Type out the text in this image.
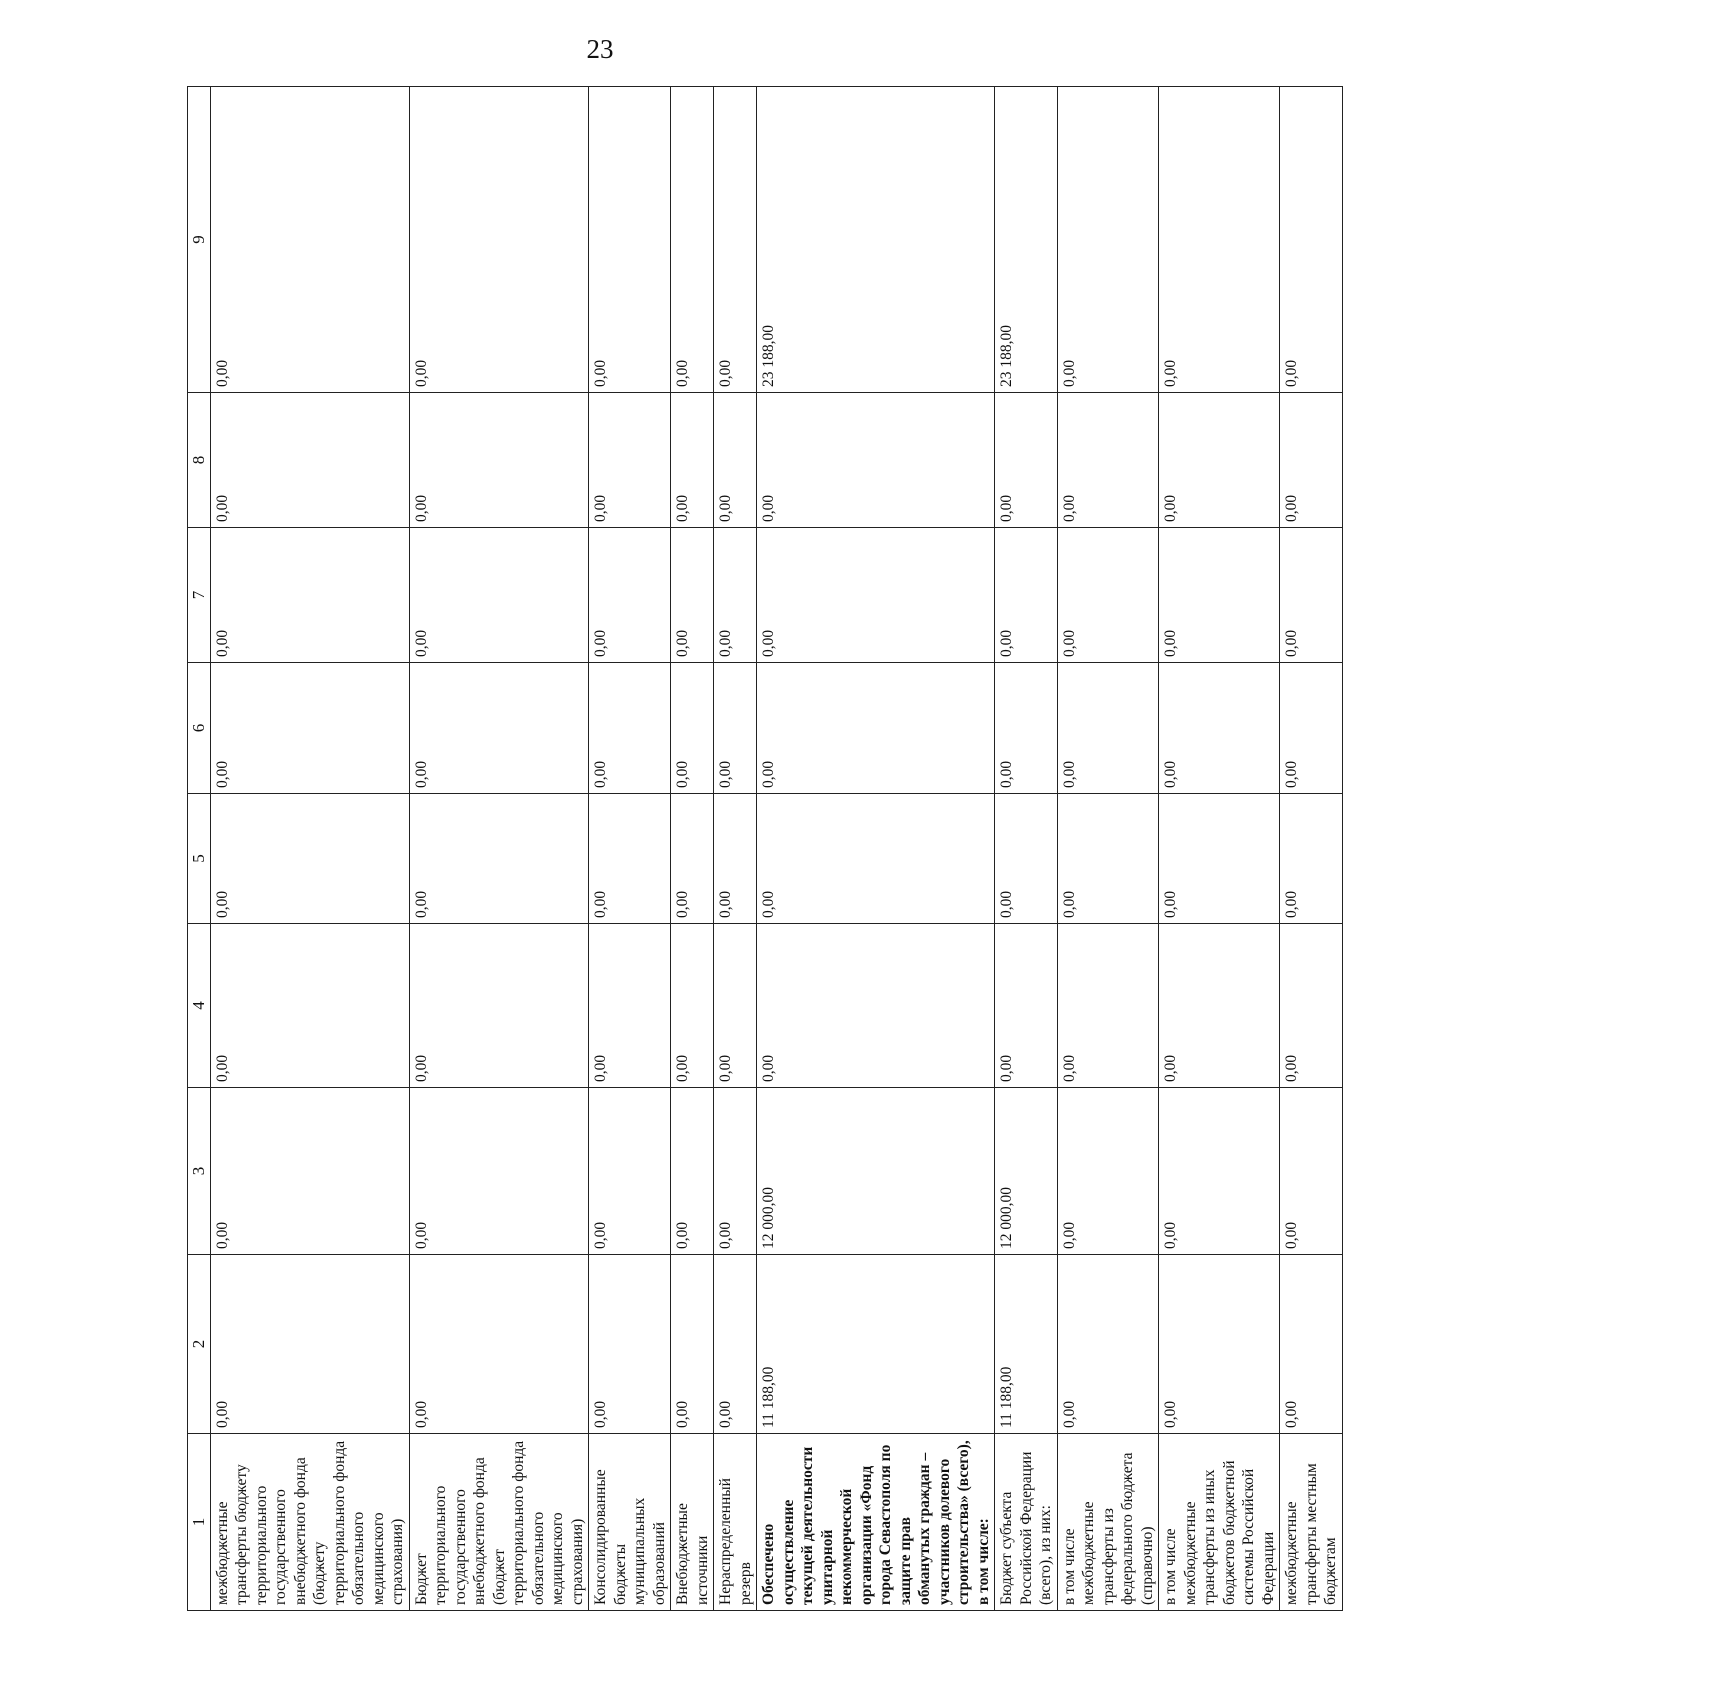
23
1	2	3	4	5	6	7	8	9
межбюджетные трансферты бюджету территориального государственного внебюджетного фонда (бюджету территориального фонда обязательного медицинского страхования)	0,00	0,00	0,00	0,00	0,00	0,00	0,00	0,00
Бюджет территориального государственного внебюджетного фонда (бюджет территориального фонда обязательного медицинского страхования)	0,00	0,00	0,00	0,00	0,00	0,00	0,00	0,00
Консолидированные бюджеты муниципальных образований	0,00	0,00	0,00	0,00	0,00	0,00	0,00	0,00
Внебюджетные источники	0,00	0,00	0,00	0,00	0,00	0,00	0,00	0,00
Нераспределенный резерв	0,00	0,00	0,00	0,00	0,00	0,00	0,00	0,00
Обеспечено осуществление текущей деятельности унитарной некоммерческой организации «Фонд города Севастополя по защите прав обманутых граждан – участников долевого строительства» (всего), в том числе:	11 188,00	12 000,00	0,00	0,00	0,00	0,00	0,00	23 188,00
Бюджет субъекта Российской Федерации (всего), из них:	11 188,00	12 000,00	0,00	0,00	0,00	0,00	0,00	23 188,00
в том числе межбюджетные трансферты из федерального бюджета (справочно)	0,00	0,00	0,00	0,00	0,00	0,00	0,00	0,00
в том числе межбюджетные трансферты из иных бюджетов бюджетной системы Российской Федерации	0,00	0,00	0,00	0,00	0,00	0,00	0,00	0,00
межбюджетные трансферты местным бюджетам	0,00	0,00	0,00	0,00	0,00	0,00	0,00	0,00
